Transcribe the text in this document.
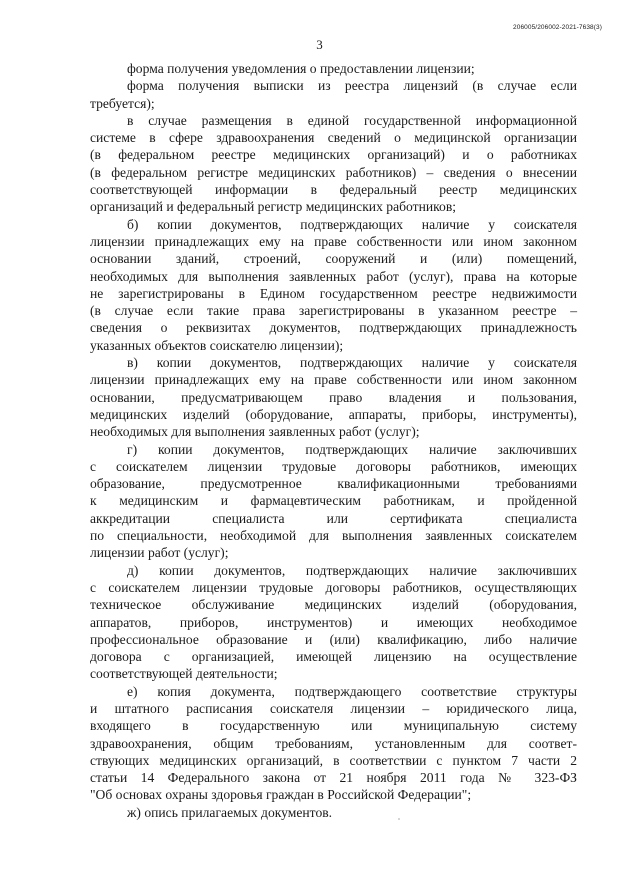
206005/206002-2021-7638(3)
3
форма получения уведомления о предоставлении лицензии;
форма получения выписки из реестра лицензий (в случае если
требуется);
в случае размещения в единой государственной информационной
системе в сфере здравоохранения сведений о медицинской организации
(в федеральном реестре медицинских организаций) и о работниках
(в федеральном регистре медицинских работников) – сведения о внесении
соответствующей информации в федеральный реестр медицинских
организаций и федеральный регистр медицинских работников;
б) копии документов, подтверждающих наличие у соискателя
лицензии принадлежащих ему на праве собственности или ином законном
основании зданий, строений, сооружений и (или) помещений,
необходимых для выполнения заявленных работ (услуг), права на которые
не зарегистрированы в Едином государственном реестре недвижимости
(в случае если такие права зарегистрированы в указанном реестре –
сведения о реквизитах документов, подтверждающих принадлежность
указанных объектов соискателю лицензии);
в) копии документов, подтверждающих наличие у соискателя
лицензии принадлежащих ему на праве собственности или ином законном
основании, предусматривающем право владения и пользования,
медицинских изделий (оборудование, аппараты, приборы, инструменты),
необходимых для выполнения заявленных работ (услуг);
г) копии документов, подтверждающих наличие заключивших
с соискателем лицензии трудовые договоры работников, имеющих
образование, предусмотренное квалификационными требованиями
к медицинским и фармацевтическим работникам, и пройденной
аккредитации специалиста или сертификата специалиста
по специальности, необходимой для выполнения заявленных соискателем
лицензии работ (услуг);
д) копии документов, подтверждающих наличие заключивших
с соискателем лицензии трудовые договоры работников, осуществляющих
техническое обслуживание медицинских изделий (оборудования,
аппаратов, приборов, инструментов) и имеющих необходимое
профессиональное образование и (или) квалификацию, либо наличие
договора с организацией, имеющей лицензию на осуществление
соответствующей деятельности;
е) копия документа, подтверждающего соответствие структуры
и штатного расписания соискателя лицензии – юридического лица,
входящего в государственную или муниципальную систему
здравоохранения, общим требованиям, установленным для соответ-
ствующих медицинских организаций, в соответствии с пунктом 7 части 2
статьи 14 Федерального закона от 21 ноября 2011 года № 323-ФЗ
"Об основах охраны здоровья граждан в Российской Федерации";
ж) опись прилагаемых документов.
